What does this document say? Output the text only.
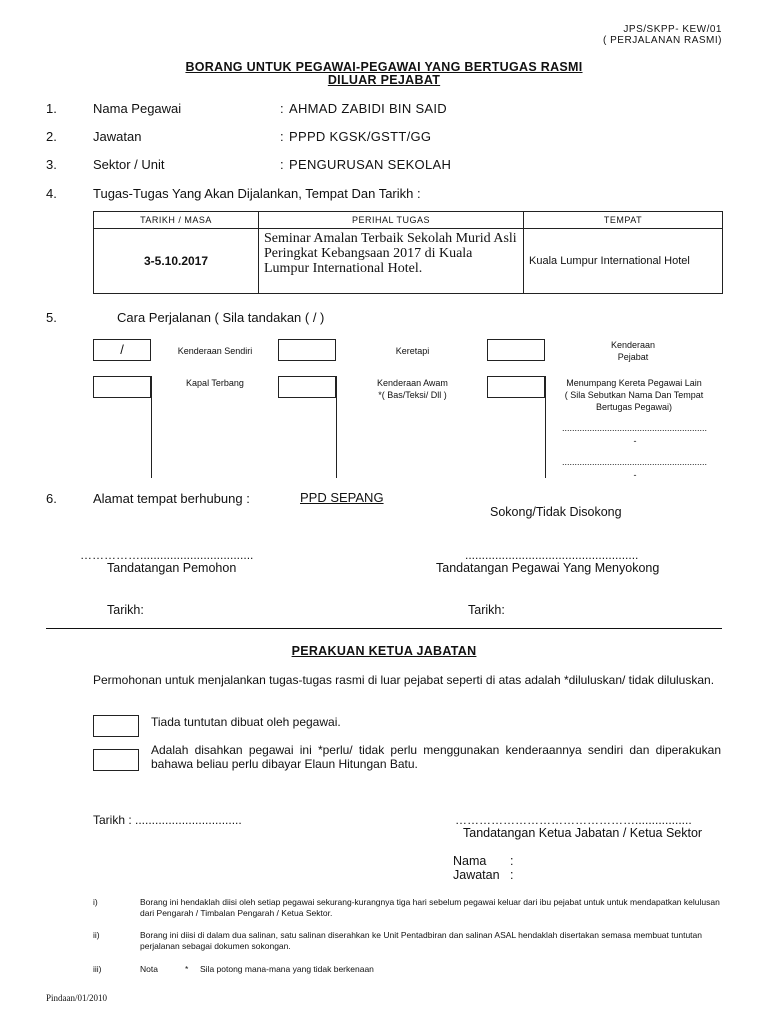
JPS/SKPP- KEW/01
( PERJALANAN RASMI)
BORANG UNTUK PEGAWAI-PEGAWAI YANG BERTUGAS RASMI
DILUAR PEJABAT
1.	Nama Pegawai	: AHMAD ZABIDI BIN SAID
2.	Jawatan	: PPPD KGSK/GSTT/GG
3.	Sektor / Unit	: PENGURUSAN SEKOLAH
4.	Tugas-Tugas Yang Akan Dijalankan, Tempat Dan Tarikh :
TARIKH / MASA	PERIHAL TUGAS	TEMPAT
3-5.10.2017	Seminar Amalan Terbaik Sekolah Murid Asli Peringkat Kebangsaan 2017 di Kuala Lumpur International Hotel.	Kuala Lumpur International Hotel
5.	Cara Perjalanan ( Sila tandakan ( / )
/	Kenderaan Sendiri	Keretapi
Kenderaan
Pejabat
Kapal Terbang	Kenderaan Awam
*( Bas/Teksi/ Dll )
Menumpang Kereta Pegawai Lain
( Sila Sebutkan Nama Dan Tempat
Bertugas Pegawai)
..........................................................
-
..........................................................
-
6.	Alamat tempat berhubung :	PPD SEPANG
Sokong/Tidak Disokong
……………..................................
Tandatangan Pemohon
....................................................
Tandatangan Pegawai Yang Menyokong
Tarikh:	Tarikh:
PERAKUAN KETUA JABATAN
Permohonan untuk menjalankan tugas-tugas rasmi di luar pejabat seperti di atas adalah *diluluskan/ tidak diluluskan.
Tiada tuntutan dibuat oleh pegawai.
Adalah disahkan pegawai ini *perlu/ tidak perlu menggunakan kenderaannya sendiri dan diperakukan bahawa beliau perlu dibayar Elaun Hitungan Batu.
Tarikh : ................................	……………………………………….................
Tandatangan Ketua Jabatan / Ketua Sektor
Nama :
Jawatan :
i)	Borang ini hendaklah diisi oleh setiap pegawai sekurang-kurangnya tiga hari sebelum pegawai keluar dari ibu pejabat untuk untuk mendapatkan kelulusan dari Pengarah / Timbalan Pengarah / Ketua Sektor.
ii)	Borang ini diisi di dalam dua salinan, satu salinan diserahkan ke Unit Pentadbiran dan salinan ASAL hendaklah disertakan semasa membuat tuntutan perjalanan sebagai dokumen sokongan.
iii)	Nota	* Sila potong mana-mana yang tidak berkenaan
Pindaan/01/2010
